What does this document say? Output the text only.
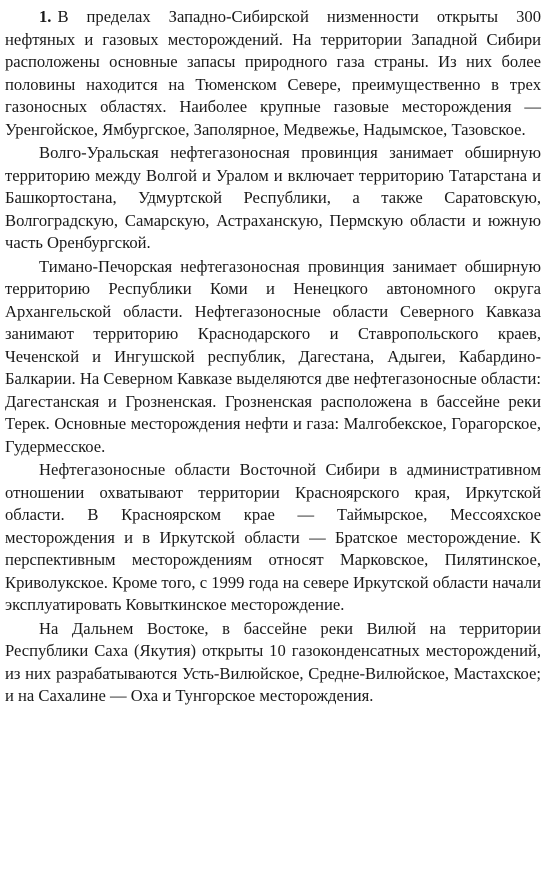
1. В пределах Западно-Сибирской низменности открыты 300 нефтяных и газовых месторождений. На территории Западной Сибири расположены основные запасы природного газа страны. Из них более половины находится на Тюменском Севере, преимущественно в трех газоносных областях. Наиболее крупные газовые месторождения — Уренгойское, Ямбургское, Заполярное, Медвежье, Надымское, Тазовское.

Волго-Уральская нефтегазоносная провинция занимает обширную территорию между Волгой и Уралом и включает территорию Татарстана и Башкортостана, Удмуртской Республики, а также Саратовскую, Волгоградскую, Самарскую, Астраханскую, Пермскую области и южную часть Оренбургской.

Тимано-Печорская нефтегазоносная провинция занимает обширную территорию Республики Коми и Ненецкого автономного округа Архангельской области. Нефтегазоносные области Северного Кавказа занимают территорию Краснодарского и Ставропольского краев, Чеченской и Ингушской республик, Дагестана, Адыгеи, Кабардино-Балкарии. На Северном Кавказе выделяются две нефтегазоносные области: Дагестанская и Грозненская. Грозненская расположена в бассейне реки Терек. Основные месторождения нефти и газа: Малгобекское, Горагорское, Гудермесское.

Нефтегазоносные области Восточной Сибири в административном отношении охватывают территории Красноярского края, Иркутской области. В Красноярском крае — Таймырское, Мессояхское месторождения и в Иркутской области — Братское месторождение. К перспективным месторождениям относят Марковское, Пилятинское, Криволукское. Кроме того, с 1999 года на севере Иркутской области начали эксплуатировать Ковыткинское месторождение.

На Дальнем Востоке, в бассейне реки Вилюй на территории Республики Саха (Якутия) открыты 10 газоконденсатных месторождений, из них разрабатываются Усть-Вилюйское, Средне-Вилюйское, Мастахское; и на Сахалине — Оха и Тунгорское месторождения.
